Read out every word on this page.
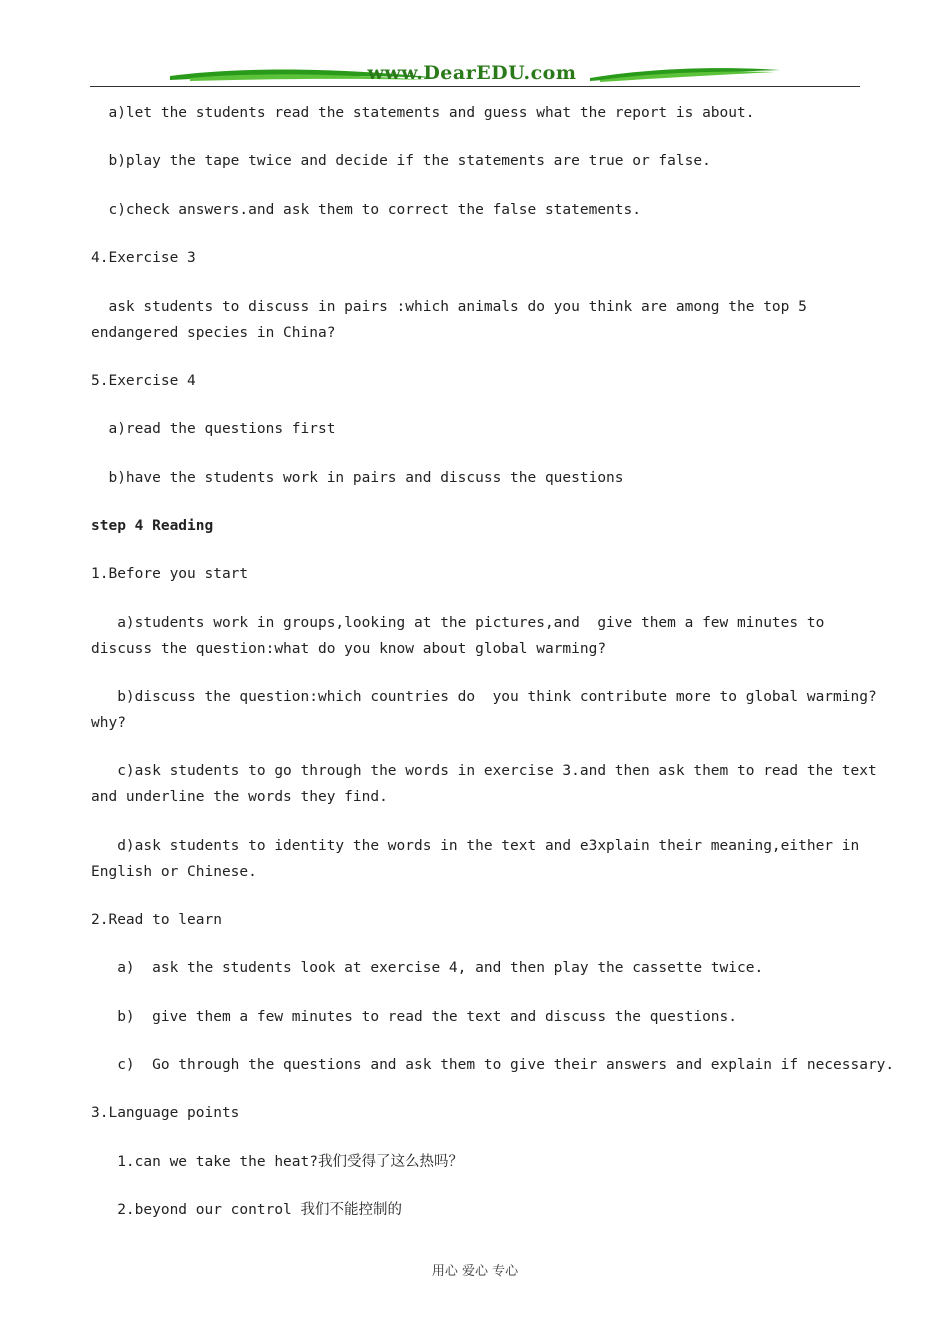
www.DearEDU.com
a)let the students read the statements and guess what the report is about.
b)play the tape twice and decide if the statements are true or false.
c)check answers.and ask them to correct the false statements.
4.Exercise 3
ask students to discuss in pairs :which animals do you think are among the top 5
endangered species in China?
5.Exercise 4
a)read the questions first
b)have the students work in pairs and discuss the questions
step 4 Reading
1.Before you start
a)students work in groups,looking at the pictures,and  give them a few minutes to
discuss the question:what do you know about global warming?
b)discuss the question:which countries do  you think contribute more to global warming?
why?
c)ask students to go through the words in exercise 3.and then ask them to read the text
and underline the words they find.
d)ask students to identity the words in the text and e3xplain their meaning,either in
English or Chinese.
2.Read to learn
a)  ask the students look at exercise 4, and then play the cassette twice.
b)  give them a few minutes to read the text and discuss the questions.
c)  Go through the questions and ask them to give their answers and explain if necessary.
3.Language points
1.can we take the heat?我们受得了这么热吗？
2.beyond our control 我们不能控制的
用心 爱心 专心
